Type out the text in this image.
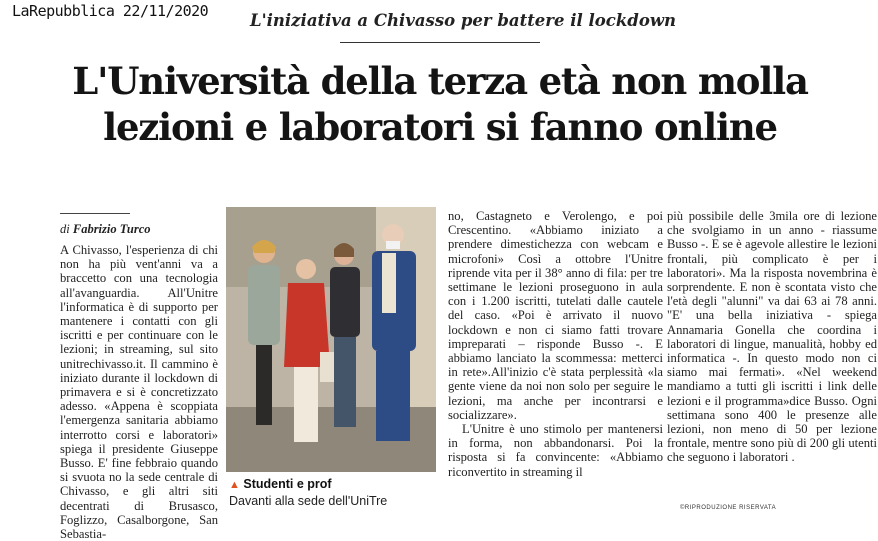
LaRepubblica 22/11/2020	L'iniziativa a Chivasso per battere il lockdown
L'Università della terza età non molla
lezioni e laboratori si fanno online
di Fabrizio Turco

A Chivasso, l'esperienza di chi non ha più vent'anni va a braccetto con una tecnologia all'avanguardia. All'Unitre l'informatica è di supporto per mantenere i contatti con gli iscritti e per continuare con le lezioni; in streaming, sul sito unitrechivasso.it. Il cammino è iniziato durante il lockdown di primavera e si è concretizzato adesso. «Appena è scoppiata l'emergenza sanitaria abbiamo interrotto corsi e laboratori» spiega il presidente Giuseppe Busso. E' fine febbraio quando si svuota no la sede centrale di Chivasso, e gli altri siti decentrati di Brusasco, Foglizzo, Casalborgone, San Sebastia-

▲ Studenti e prof
Davanti alla sede dell'UniTre

no, Castagneto e Verolengo, e poi Crescentino. «Abbiamo iniziato a prendere dimestichezza con webcam e microfoni» Così a ottobre l'Unitre riprende vita per il 38° anno di fila: per tre settimane le lezioni proseguono in aula con i 1.200 iscritti, tutelati dalle cautele del caso. «Poi è arrivato il nuovo lockdown e non ci siamo fatti trovare impreparati – risponde Busso -. E abbiamo lanciato la scommessa: metterci in rete».All'inizio c'è stata perplessità «la gente viene da noi non solo per seguire le lezioni, ma anche per incontrarsi e socializzare».

L'Unitre è uno stimolo per mantenersi in forma, non abbandonarsi. Poi la risposta si fa convincente: «Abbiamo riconvertito in streaming il

più possibile delle 3mila ore di lezione che svolgiamo in un anno - riassume Busso -. E se è agevole allestire le lezioni frontali, più complicato è per i laboratori». Ma la risposta novembrina è sorprendente. E non è scontata visto che l'età degli "alunni" va dai 63 ai 78 anni. "E' una bella iniziativa - spiega Annamaria Gonella che coordina i laboratori di lingue, manualità, hobby ed informatica -. In questo modo non ci siamo mai fermati». «Nel weekend mandiamo a tutti gli iscritti i link delle lezioni e il programma»dice Busso. Ogni settimana sono 400 le presenze alle lezioni, non meno di 50 per lezione frontale, mentre sono più di 200 gli utenti che seguono i laboratori .

©RIPRODUZIONE RISERVATA
